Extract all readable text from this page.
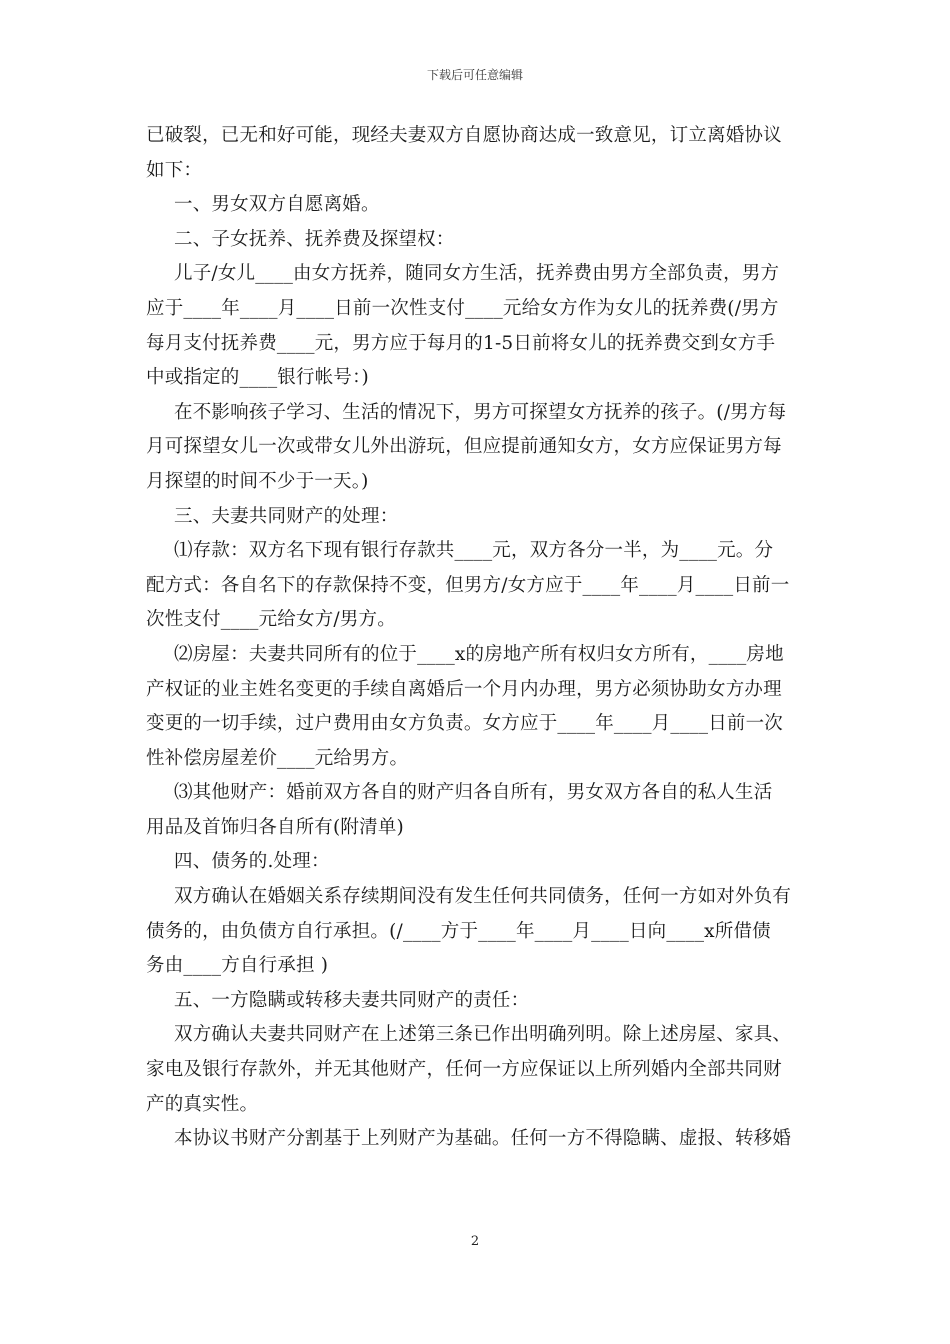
下载后可任意编辑
已破裂，已无和好可能，现经夫妻双方自愿协商达成一致意见，订立离婚协议
如下：
一、男女双方自愿离婚。
二、子女抚养、抚养费及探望权：
儿子/女儿____由女方抚养，随同女方生活，抚养费由男方全部负责，男方
应于____年____月____日前一次性支付____元给女方作为女儿的抚养费(/男方
每月支付抚养费____元，男方应于每月的1-5日前将女儿的抚养费交到女方手
中或指定的____银行帐号：)
在不影响孩子学习、生活的情况下，男方可探望女方抚养的孩子。(/男方每
月可探望女儿一次或带女儿外出游玩，但应提前通知女方，女方应保证男方每
月探望的时间不少于一天。)
三、夫妻共同财产的处理：
⑴存款：双方名下现有银行存款共____元，双方各分一半，为____元。分
配方式：各自名下的存款保持不变，但男方/女方应于____年____月____日前一
次性支付____元给女方/男方。
⑵房屋：夫妻共同所有的位于____x的房地产所有权归女方所有，____房地
产权证的业主姓名变更的手续自离婚后一个月内办理，男方必须协助女方办理
变更的一切手续，过户费用由女方负责。女方应于____年____月____日前一次
性补偿房屋差价____元给男方。
⑶其他财产：婚前双方各自的财产归各自所有，男女双方各自的私人生活
用品及首饰归各自所有(附清单)
四、债务的.处理：
双方确认在婚姻关系存续期间没有发生任何共同债务，任何一方如对外负有
债务的，由负债方自行承担。(/____方于____年____月____日向____x所借债
务由____方自行承担 )
五、一方隐瞒或转移夫妻共同财产的责任：
双方确认夫妻共同财产在上述第三条已作出明确列明。除上述房屋、家具、
家电及银行存款外，并无其他财产，任何一方应保证以上所列婚内全部共同财
产的真实性。
本协议书财产分割基于上列财产为基础。任何一方不得隐瞒、虚报、转移婚
2
